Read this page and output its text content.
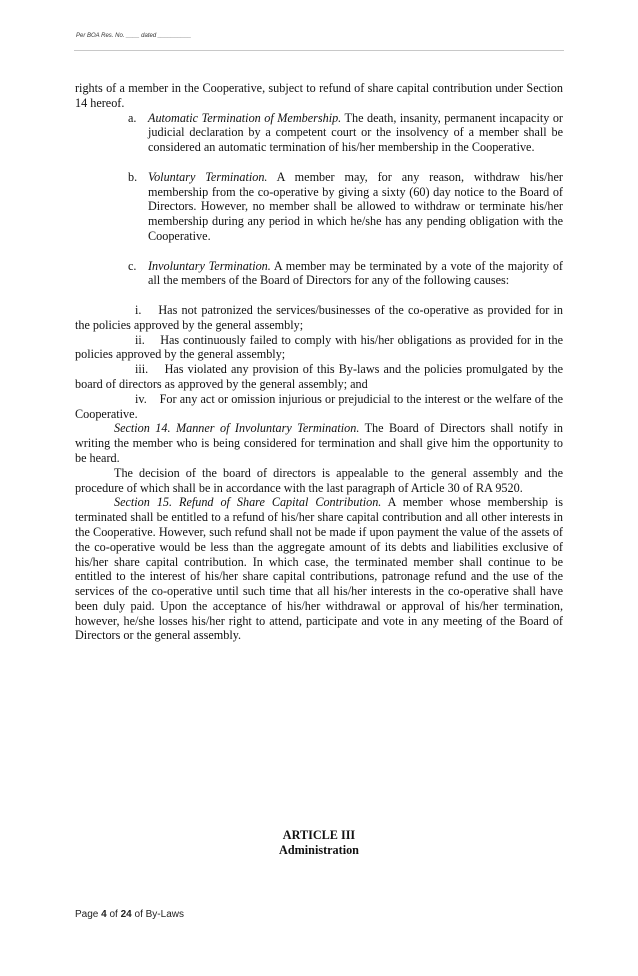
Per BOA Res. No. ____ dated __________

rights of a member in the Cooperative, subject to refund of share capital contribution under Section 14 hereof.

a. Automatic Termination of Membership. The death, insanity, permanent incapacity or judicial declaration by a competent court or the insolvency of a member shall be considered an automatic termination of his/her membership in the Cooperative.
b. Voluntary Termination. A member may, for any reason, withdraw his/her membership from the co-operative by giving a sixty (60) day notice to the Board of Directors. However, no member shall be allowed to withdraw or terminate his/her membership during any period in which he/she has any pending obligation with the Cooperative.
c. Involuntary Termination. A member may be terminated by a vote of the majority of all the members of the Board of Directors for any of the following causes:

i. Has not patronized the services/businesses of the co-operative as provided for in the policies approved by the general assembly;

ii. Has continuously failed to comply with his/her obligations as provided for in the policies approved by the general assembly;

iii. Has violated any provision of this By-laws and the policies promulgated by the board of directors as approved by the general assembly; and

iv. For any act or omission injurious or prejudicial to the interest or the welfare of the Cooperative.

Section 14. Manner of Involuntary Termination. The Board of Directors shall notify in writing the member who is being considered for termination and shall give him the opportunity to be heard.

The decision of the board of directors is appealable to the general assembly and the procedure of which shall be in accordance with the last paragraph of Article 30 of RA 9520.

Section 15. Refund of Share Capital Contribution. A member whose membership is terminated shall be entitled to a refund of his/her share capital contribution and all other interests in the Cooperative. However, such refund shall not be made if upon payment the value of the assets of the co-operative would be less than the aggregate amount of its debts and liabilities exclusive of his/her share capital contribution. In which case, the terminated member shall continue to be entitled to the interest of his/her share capital contributions, patronage refund and the use of the services of the co-operative until such time that all his/her interests in the co-operative shall have been duly paid. Upon the acceptance of his/her withdrawal or approval of his/her termination, however, he/she losses his/her right to attend, participate and vote in any meeting of the Board of Directors or the general assembly.

ARTICLE III
Administration
Page 4 of 24 of By-Laws
